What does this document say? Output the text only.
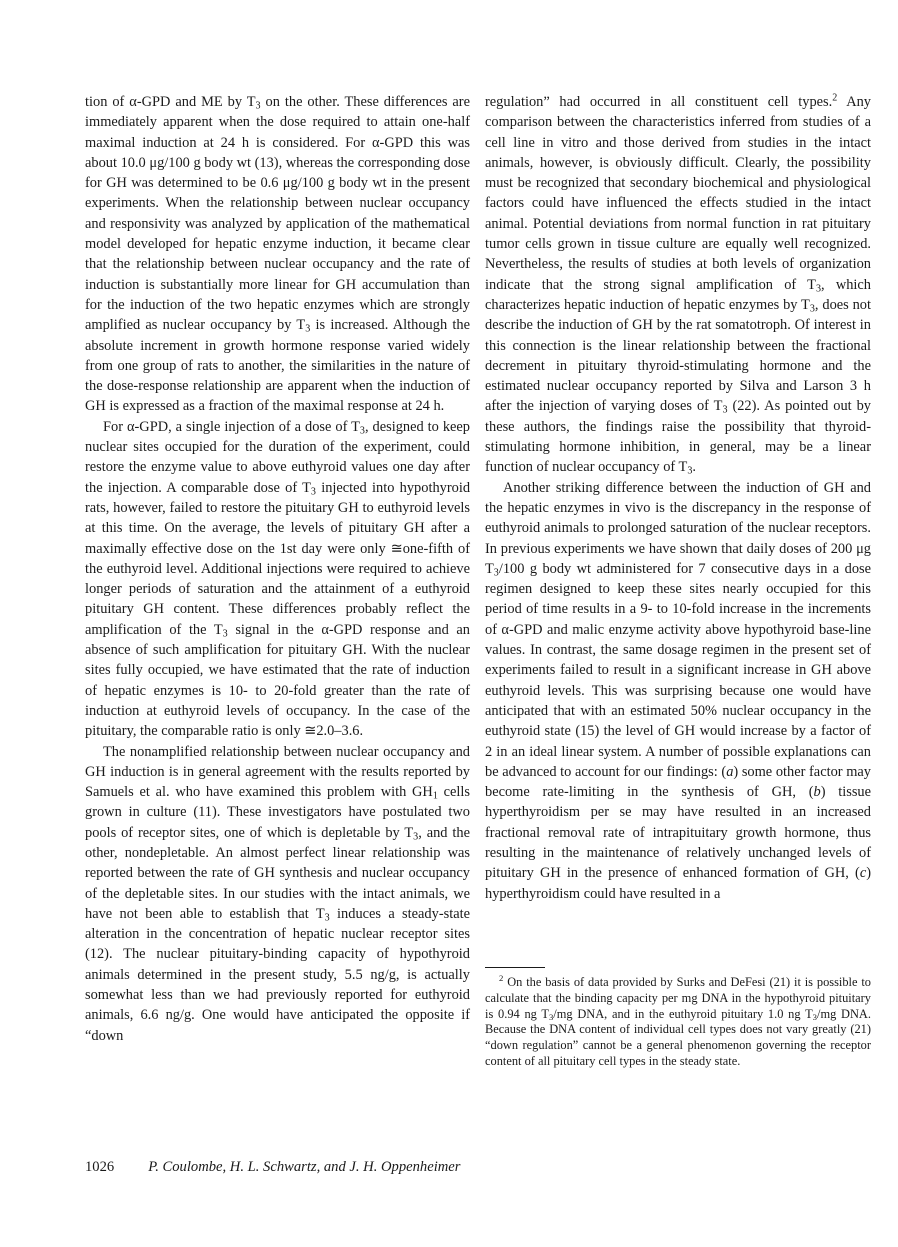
tion of α-GPD and ME by $T_3$ on the other. These differences are immediately apparent when the dose required to attain one-half maximal induction at 24 h is considered. For α-GPD this was about 10.0 μg/100 g body wt (13), whereas the corresponding dose for GH was determined to be 0.6 μg/100 g body wt in the present experiments. When the relationship between nuclear occupancy and responsivity was analyzed by application of the mathematical model developed for hepatic enzyme induction, it became clear that the relationship between nuclear occupancy and the rate of induction is substantially more linear for GH accumulation than for the induction of the two hepatic enzymes which are strongly amplified as nuclear occupancy by $T_3$ is increased. Although the absolute increment in growth hormone response varied widely from one group of rats to another, the similarities in the nature of the dose-response relationship are apparent when the induction of GH is expressed as a fraction of the maximal response at 24 h.

For α-GPD, a single injection of a dose of $T_3$, designed to keep nuclear sites occupied for the duration of the experiment, could restore the enzyme value to above euthyroid values one day after the injection. A comparable dose of $T_3$ injected into hypothyroid rats, however, failed to restore the pituitary GH to euthyroid levels at this time. On the average, the levels of pituitary GH after a maximally effective dose on the 1st day were only ≅one-fifth of the euthyroid level. Additional injections were required to achieve longer periods of saturation and the attainment of a euthyroid pituitary GH content. These differences probably reflect the amplification of the $T_3$ signal in the α-GPD response and an absence of such amplification for pituitary GH. With the nuclear sites fully occupied, we have estimated that the rate of induction of hepatic enzymes is 10- to 20-fold greater than the rate of induction at euthyroid levels of occupancy. In the case of the pituitary, the comparable ratio is only ≅2.0–3.6.

The nonamplified relationship between nuclear occupancy and GH induction is in general agreement with the results reported by Samuels et al. who have examined this problem with $GH_1$ cells grown in culture (11). These investigators have postulated two pools of receptor sites, one of which is depletable by $T_3$, and the other, nondepletable. An almost perfect linear relationship was reported between the rate of GH synthesis and nuclear occupancy of the depletable sites. In our studies with the intact animals, we have not been able to establish that $T_3$ induces a steady-state alteration in the concentration of hepatic nuclear receptor sites (12). The nuclear pituitary-binding capacity of hypothyroid animals determined in the present study, 5.5 ng/g, is actually somewhat less than we had previously reported for euthyroid animals, 6.6 ng/g. One would have anticipated the opposite if “down

regulation” had occurred in all constituent cell types.$^2$ Any comparison between the characteristics inferred from studies of a cell line in vitro and those derived from studies in the intact animals, however, is obviously difficult. Clearly, the possibility must be recognized that secondary biochemical and physiological factors could have influenced the effects studied in the intact animal. Potential deviations from normal function in rat pituitary tumor cells grown in tissue culture are equally well recognized. Nevertheless, the results of studies at both levels of organization indicate that the strong signal amplification of $T_3$, which characterizes hepatic induction of hepatic enzymes by $T_3$, does not describe the induction of GH by the rat somatotroph. Of interest in this connection is the linear relationship between the fractional decrement in pituitary thyroid-stimulating hormone and the estimated nuclear occupancy reported by Silva and Larson 3 h after the injection of varying doses of $T_3$ (22). As pointed out by these authors, the findings raise the possibility that thyroid-stimulating hormone inhibition, in general, may be a linear function of nuclear occupancy of $T_3$.

Another striking difference between the induction of GH and the hepatic enzymes in vivo is the discrepancy in the response of euthyroid animals to prolonged saturation of the nuclear receptors. In previous experiments we have shown that daily doses of 200 μg $T_3/100$ g body wt administered for 7 consecutive days in a dose regimen designed to keep these sites nearly occupied for this period of time results in a 9- to 10-fold increase in the increments of α-GPD and malic enzyme activity above hypothyroid base-line values. In contrast, the same dosage regimen in the present set of experiments failed to result in a significant increase in GH above euthyroid levels. This was surprising because one would have anticipated that with an estimated 50% nuclear occupancy in the euthyroid state (15) the level of GH would increase by a factor of 2 in an ideal linear system. A number of possible explanations can be advanced to account for our findings: (a) some other factor may become rate-limiting in the synthesis of GH, (b) tissue hyperthyroidism per se may have resulted in an increased fractional removal rate of intrapituitary growth hormone, thus resulting in the maintenance of relatively unchanged levels of pituitary GH in the presence of enhanced formation of GH, (c) hyperthyroidism could have resulted in a

$^2$ On the basis of data provided by Surks and DeFesi (21) it is possible to calculate that the binding capacity per mg DNA in the hypothyroid pituitary is 0.94 ng $T_3/mg$ DNA, and in the euthyroid pituitary 1.0 ng $T_3/mg$ DNA. Because the DNA content of individual cell types does not vary greatly (21) “down regulation” cannot be a general phenomenon governing the receptor content of all pituitary cell types in the steady state.

1026 P. Coulombe, H. L. Schwartz, and J. H. Oppenheimer
